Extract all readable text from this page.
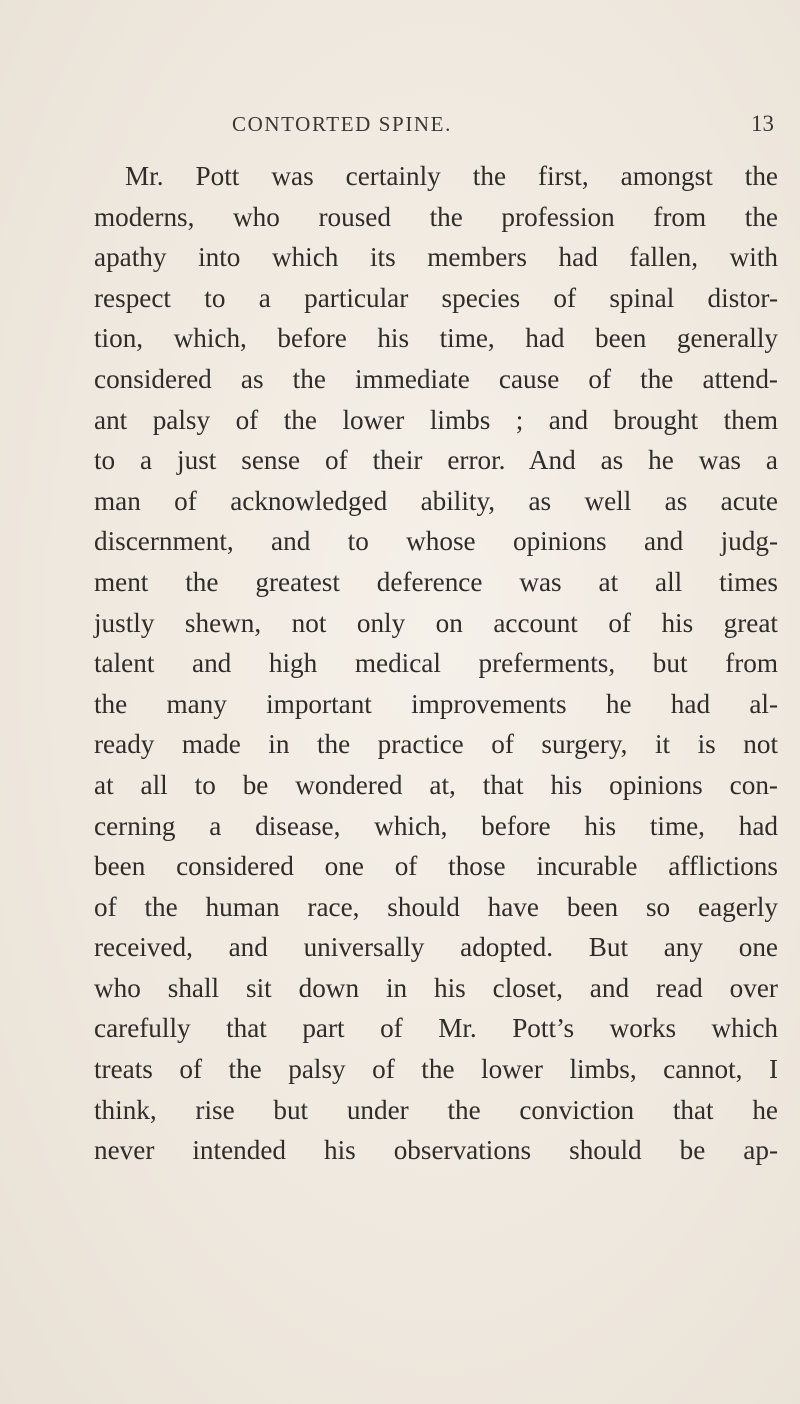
CONTORTED SPINE.	13
Mr. Pott was certainly the first, amongst the
moderns, who roused the profession from the
apathy into which its members had fallen, with
respect to a particular species of spinal distor-
tion, which, before his time, had been generally
considered as the immediate cause of the attend-
ant palsy of the lower limbs ; and brought them
to a just sense of their error. And as he was a
man of acknowledged ability, as well as acute
discernment, and to whose opinions and judg-
ment the greatest deference was at all times
justly shewn, not only on account of his great
talent and high medical preferments, but from
the many important improvements he had al-
ready made in the practice of surgery, it is not
at all to be wondered at, that his opinions con-
cerning a disease, which, before his time, had
been considered one of those incurable afflictions
of the human race, should have been so eagerly
received, and universally adopted. But any one
who shall sit down in his closet, and read over
carefully that part of Mr. Pott’s works which
treats of the palsy of the lower limbs, cannot, I
think, rise but under the conviction that he
never intended his observations should be ap-
